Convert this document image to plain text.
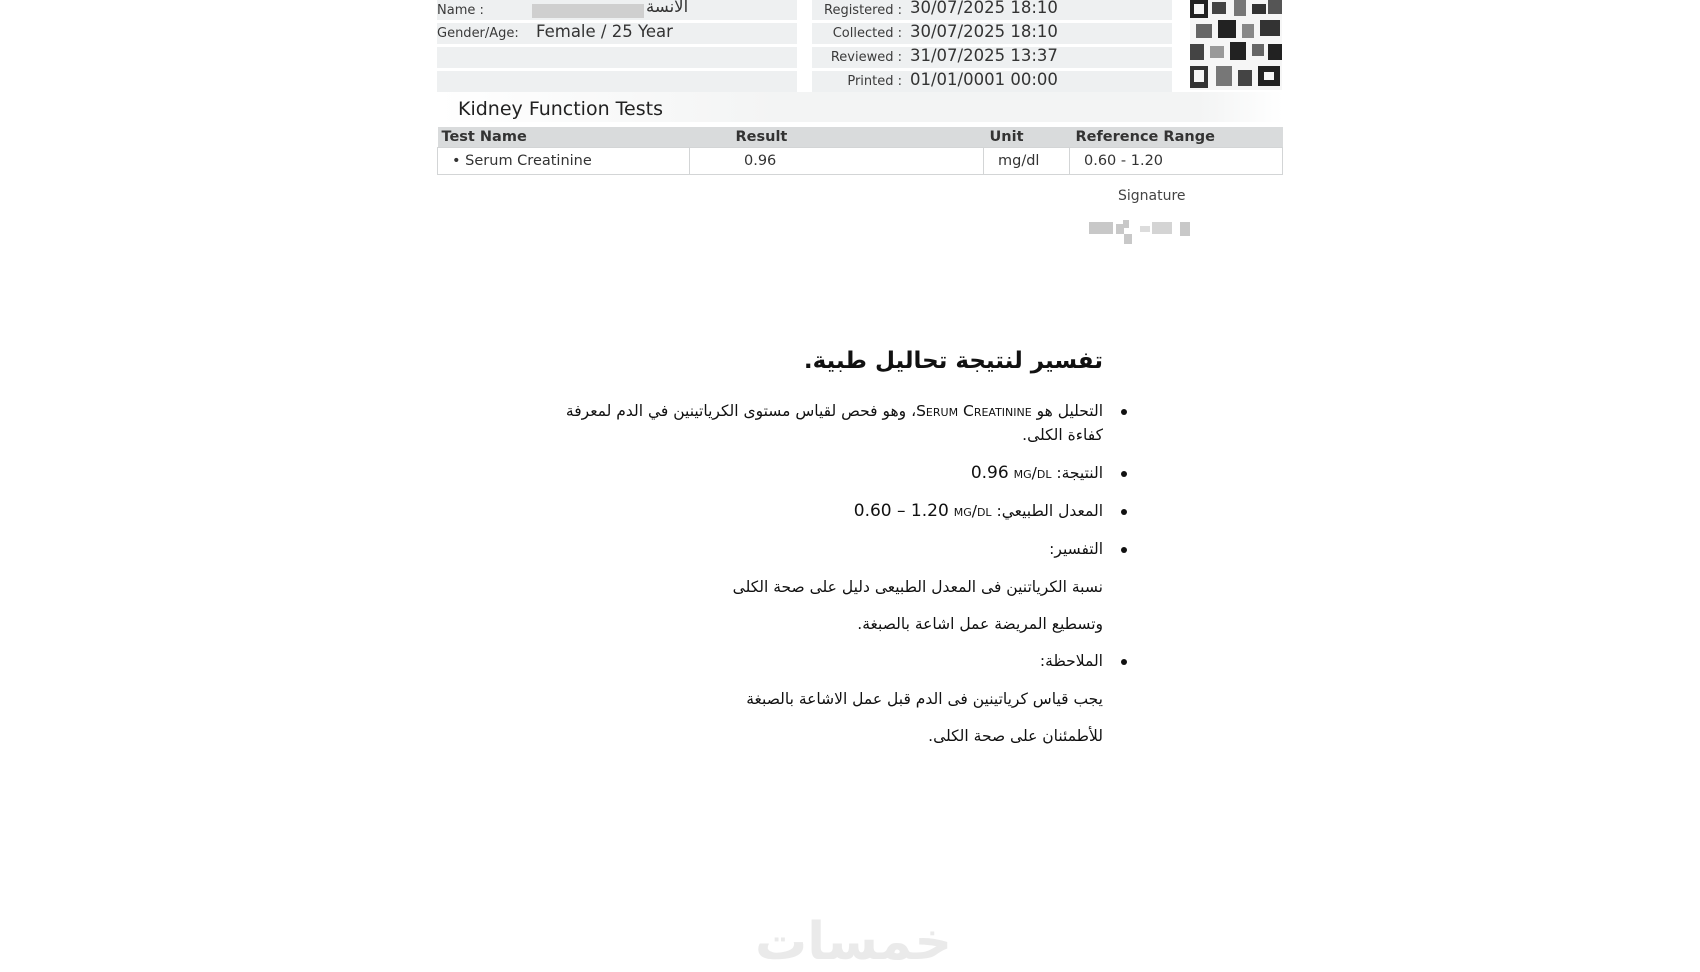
Name :	الانسة
Gender/Age: Female / 25 Year
Registered : 30/07/2025 18:10
Collected : 30/07/2025 18:10
Reviewed : 31/07/2025 13:37
Printed : 01/01/0001 00:00
Kidney Function Tests
Test Name	Result	Unit	Reference Range
• Serum Creatinine	0.96	mg/dl	0.60 - 1.20
Signature
تفسير لنتيجة تحاليل طبية.
التحليل هو Serum Creatinine، وهو فحص لقياس مستوى الكرياتينين في الدم لمعرفة
كفاءة الكلى.
النتيجة: 0.96 mg/dl
المعدل الطبيعي: 0.60 – 1.20 mg/dl
التفسير:
نسبة الكرياتنين فى المعدل الطبيعى دليل على صحة الكلى
وتسطيع المريضة عمل اشاعة بالصبغة.
الملاحظة:
يجب قياس كرياتينين فى الدم قبل عمل الاشاعة بالصبغة
للأطمئنان على صحة الكلى.
خمسات
